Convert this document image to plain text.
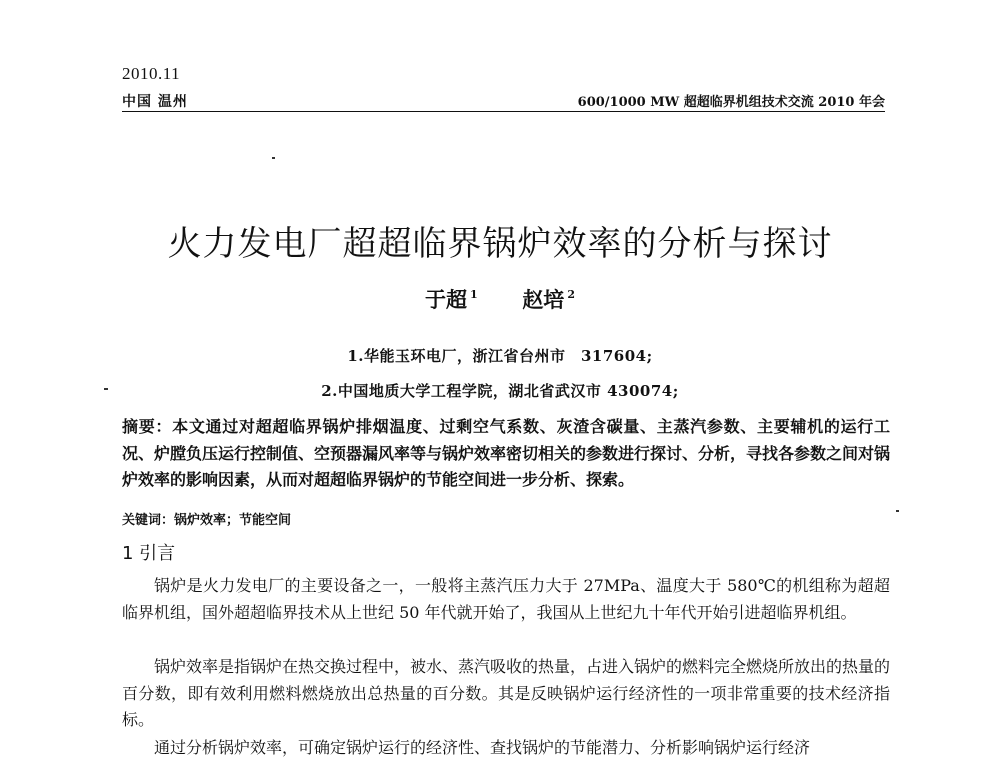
2010.11
中国 温州	600/1000 MW 超超临界机组技术交流 2010 年会
火力发电厂超超临界锅炉效率的分析与探讨
于超 $^1$ 赵培 $^2$
1.华能玉环电厂，浙江省台州市　317604;
2.中国地质大学工程学院，湖北省武汉市 430074;
摘要：本文通过对超超临界锅炉排烟温度、过剩空气系数、灰渣含碳量、主蒸汽参数、主要辅机的运行工况、炉膛负压运行控制值、空预器漏风率等与锅炉效率密切相关的参数进行探讨、分析，寻找各参数之间对锅炉效率的影响因素，从而对超超临界锅炉的节能空间进一步分析、探索。
关键词：锅炉效率；节能空间
1 引言

锅炉是火力发电厂的主要设备之一，一般将主蒸汽压力大于 27MPa、温度大于 580℃的机组称为超超临界机组，国外超超临界技术从上世纪 50 年代就开始了，我国从上世纪九十年代开始引进超临界机组。

锅炉效率是指锅炉在热交换过程中，被水、蒸汽吸收的热量，占进入锅炉的燃料完全燃烧所放出的热量的百分数，即有效利用燃料燃烧放出总热量的百分数。其是反映锅炉运行经济性的一项非常重要的技术经济指标。

通过分析锅炉效率，可确定锅炉运行的经济性、查找锅炉的节能潜力、分析影响锅炉运行经济
